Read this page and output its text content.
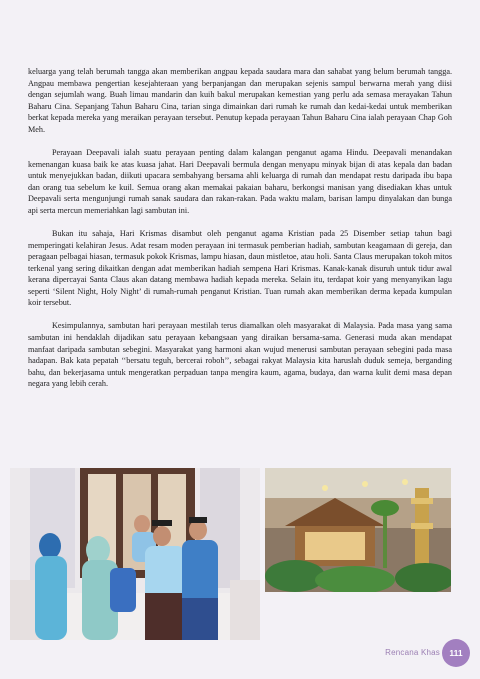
keluarga yang telah berumah tangga akan memberikan angpau kepada saudara mara dan sahabat yang belum berumah tangga. Angpau membawa pengertian kesejahteraan yang berpanjangan dan merupakan sejenis sampul berwarna merah yang diisi dengan sejumlah wang. Buah limau mandarin dan kuih bakul merupakan kemestian yang perlu ada semasa merayakan Tahun Baharu Cina. Sepanjang Tahun Baharu Cina, tarian singa dimainkan dari rumah ke rumah dan kedai-kedai untuk memberikan berkat kepada mereka yang meraikan perayaan tersebut. Penutup kepada perayaan Tahun Baharu Cina ialah perayaan Chap Goh Meh.

Perayaan Deepavali ialah suatu perayaan penting dalam kalangan penganut agama Hindu. Deepavali menandakan kemenangan kuasa baik ke atas kuasa jahat. Hari Deepavali bermula dengan menyapu minyak bijan di atas kepala dan badan untuk menyejukkan badan, diikuti upacara sembahyang bersama ahli keluarga di rumah dan mendapat restu daripada ibu bapa dan orang tua sebelum ke kuil. Semua orang akan memakai pakaian baharu, berkongsi manisan yang disediakan khas untuk Deepavali serta mengunjungi rumah sanak saudara dan rakan-rakan. Pada waktu malam, barisan lampu dinyalakan dan bunga api serta mercun memeriahkan lagi sambutan ini.

Bukan itu sahaja, Hari Krismas disambut oleh penganut agama Kristian pada 25 Disember setiap tahun bagi memperingati kelahiran Jesus. Adat resam moden perayaan ini termasuk pemberian hadiah, sambutan keagamaan di gereja, dan peragaan pelbagai hiasan, termasuk pokok Krismas, lampu hiasan, daun mistletoe, atau holi. Santa Claus merupakan tokoh mitos terkenal yang sering dikaitkan dengan adat memberikan hadiah sempena Hari Krismas. Kanak-kanak disuruh untuk tidur awal kerana dipercayai Santa Claus akan datang membawa hadiah kepada mereka. Selain itu, terdapat koir yang menyanyikan lagu seperti ‘Silent Night, Holy Night’ di rumah-rumah penganut Kristian. Tuan rumah akan memberikan derma kepada kumpulan koir tersebut.

Kesimpulannya, sambutan hari perayaan mestilah terus diamalkan oleh masyarakat di Malaysia. Pada masa yang sama sambutan ini hendaklah dijadikan satu perayaan kebangsaan yang diraikan bersama-sama. Generasi muda akan mendapat manfaat daripada sambutan sebegini. Masyarakat yang harmoni akan wujud menerusi sambutan perayaan sebegini pada masa hadapan. Bak kata pepatah ‘‘bersatu teguh, bercerai roboh’’, sebagai rakyat Malaysia kita haruslah duduk semeja, berganding bahu, dan bekerjasama untuk mengeratkan perpaduan tanpa mengira kaum, agama, budaya, dan warna kulit demi masa depan negara yang lebih cerah.

Rencana Khas	111
